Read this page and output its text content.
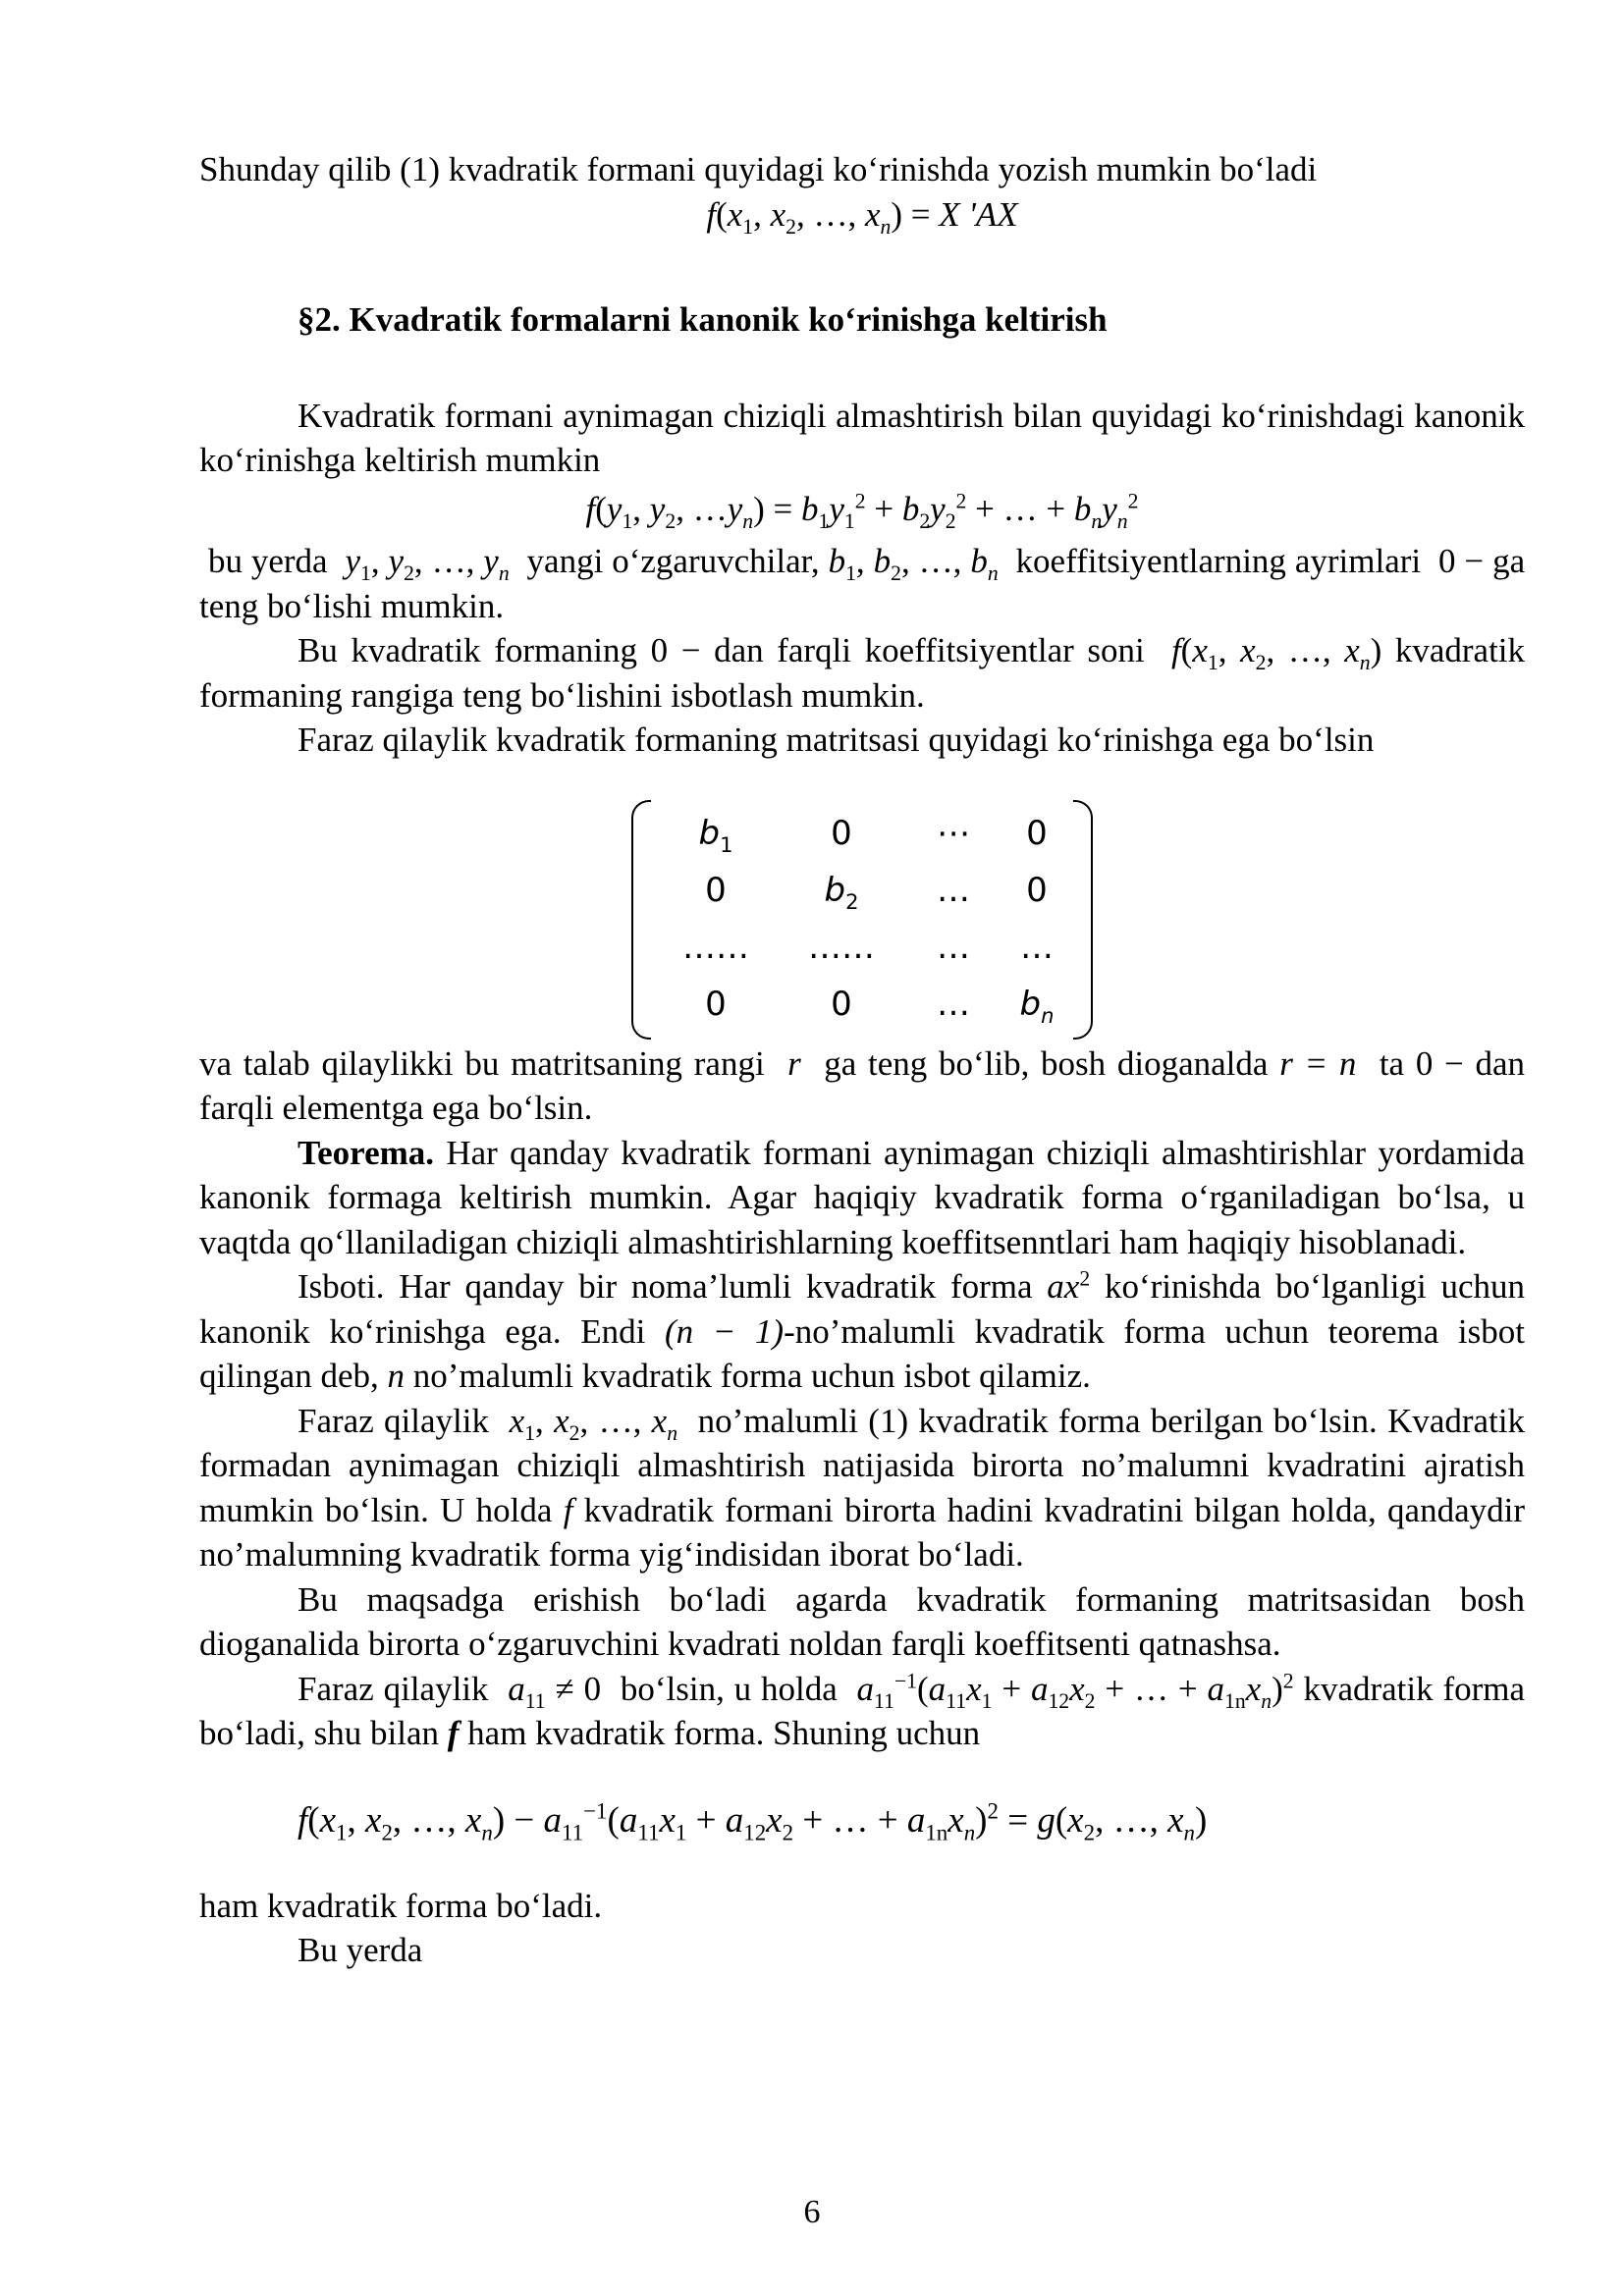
Shunday qilib (1) kvadratik formani quyidagi ko‘rinishda yozish mumkin bo‘ladi

$f(x_1$, $x_2$, …, $x_n) = X$ 'AX

§2. Kvadratik formalarni kanonik ko‘rinishga keltirish

Kvadratik formani aynimagan chiziqli almashtirish bilan quyidagi ko‘rinishdagi kanonik ko‘rinishga keltirish mumkin

$f(y_1$, $y_2$, $\dots y_n) = b_1y_1^2 + b_2y_2^2$ + … + $b_ny_n^2$

bu yerda $y_1$, $y_2$, …, $y_n$ yangi o‘zgaruvchilar, $b_1$, $b_2$, …, $b_n$ koeffitsiyentlarning ayrimlari 0 − ga teng bo‘lishi mumkin.

Bu kvadratik formaning 0 − dan farqli koeffitsiyentlar soni $f(x_1$, $x_2$, …, $x_n$) kvadratik formaning rangiga teng bo‘lishini isbotlash mumkin.

Faraz qilaylik kvadratik formaning matritsasi quyidagi ko‘rinishga ega bo‘lsin

$b_1$	0	⋯	0
0	$b_2$	…	0
……	……	…	…
0	0	…	$b_n$

va talab qilaylikki bu matritsaning rangi r ga teng bo‘lib, bosh dioganalda r = n ta 0 − dan farqli elementga ega bo‘lsin.

Teorema. Har qanday kvadratik formani aynimagan chiziqli almashtirishlar yordamida kanonik formaga keltirish mumkin. Agar haqiqiy kvadratik forma o‘rganiladigan bo‘lsa, u vaqtda qo‘llaniladigan chiziqli almashtirishlarning koeffitsenntlari ham haqiqiy hisoblanadi.

Isboti. Har qanday bir noma’lumli kvadratik forma $ax^2$ ko‘rinishda bo‘lganligi uchun kanonik ko‘rinishga ega. Endi (n − 1)-no’malumli kvadratik forma uchun teorema isbot qilingan deb, n no’malumli kvadratik forma uchun isbot qilamiz.

Faraz qilaylik $x_1$, $x_2$, …, $x_n$ no’malumli (1) kvadratik forma berilgan bo‘lsin. Kvadratik formadan aynimagan chiziqli almashtirish natijasida birorta no’malumni kvadratini ajratish mumkin bo‘lsin. U holda f kvadratik formani birorta hadini kvadratini bilgan holda, qandaydir no’malumning kvadratik forma yig‘indisidan iborat bo‘ladi.

Bu maqsadga erishish bo‘ladi agarda kvadratik formaning matritsasidan bosh dioganalida birorta o‘zgaruvchini kvadrati noldan farqli koeffitsenti qatnashsa.

Faraz qilaylik $a_{11} \ne 0$ bo‘lsin, u holda $a_{11}^{-1}(a_{11}x_1 + a_{12}x_2$ + … + $a_{1n}x_n)^2$ kvadratik forma bo‘ladi, shu bilan f ham kvadratik forma. Shuning uchun

$f(x_1$, $x_2$, …, $x_n) - a_{11}^{-1}(a_{11}x_1 + a_{12}x_2$ + … + $a_{1n}x_n)^2 = g(x_2$, …, $x_n$)

ham kvadratik forma bo‘ladi.

Bu yerda

6
